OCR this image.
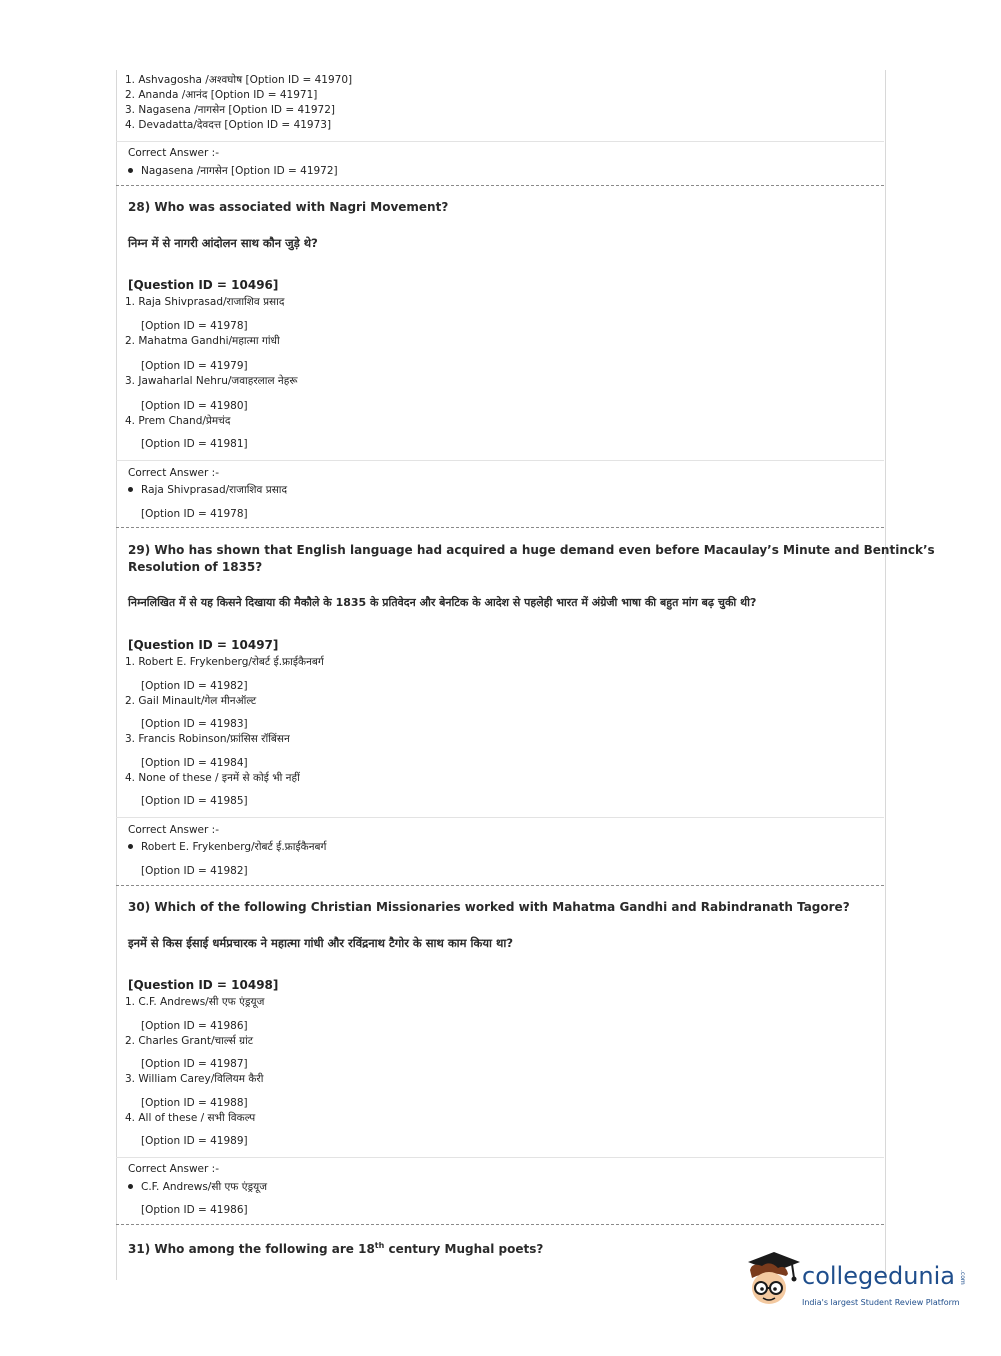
1. Ashvagosha /अश्वघोष [Option ID = 41970]
2. Ananda /आनंद [Option ID = 41971]
3. Nagasena /नागसेन [Option ID = 41972]
4. Devadatta/देवदत्त [Option ID = 41973]
Correct Answer :-
Nagasena /नागसेन [Option ID = 41972]
28) Who was associated with Nagri Movement?
निम्न में से नागरी आंदोलन साथ कौन जुड़े थे?
[Question ID = 10496]
1. Raja Shivprasad/राजाशिव प्रसाद
[Option ID = 41978]
2. Mahatma Gandhi/महात्मा गांधी
[Option ID = 41979]
3. Jawaharlal Nehru/जवाहरलाल नेहरू
[Option ID = 41980]
4. Prem Chand/प्रेमचंद
[Option ID = 41981]
Correct Answer :-
Raja Shivprasad/राजाशिव प्रसाद
[Option ID = 41978]
29) Who has shown that English language had acquired a huge demand even before Macaulay’s Minute and Bentinck’s
Resolution of 1835?
निम्नलिखित में से यह किसने दिखाया की मैकौले के 1835 के प्रतिवेदन और बेनटिक के आदेश से पहलेही भारत में अंग्रेजी भाषा की बहुत मांग बढ़ चुकी थी?
[Question ID = 10497]
1. Robert E. Frykenberg/रोबर्ट ई.फ्राईकैनबर्ग
[Option ID = 41982]
2. Gail Minault/गेल मीनऑल्ट
[Option ID = 41983]
3. Francis Robinson/फ्रांसिस रॉबिंसन
[Option ID = 41984]
4. None of these / इनमें से कोई भी नहीं
[Option ID = 41985]
Correct Answer :-
Robert E. Frykenberg/रोबर्ट ई.फ्राईकैनबर्ग
[Option ID = 41982]
30) Which of the following Christian Missionaries worked with Mahatma Gandhi and Rabindranath Tagore?
इनमें से किस ईसाई धर्मप्रचारक ने महात्मा गांधी और रविंद्रनाथ टैगोर के साथ काम किया था?
[Question ID = 10498]
1. C.F. Andrews/सी एफ एंड्रयूज
[Option ID = 41986]
2. Charles Grant/चार्ल्स ग्रांट
[Option ID = 41987]
3. William Carey/विलियम कैरी
[Option ID = 41988]
4. All of these / सभी विकल्प
[Option ID = 41989]
Correct Answer :-
C.F. Andrews/सी एफ एंड्रयूज
[Option ID = 41986]
31) Who among the following are 18th century Mughal poets?
collegedunia .com
India's largest Student Review Platform
